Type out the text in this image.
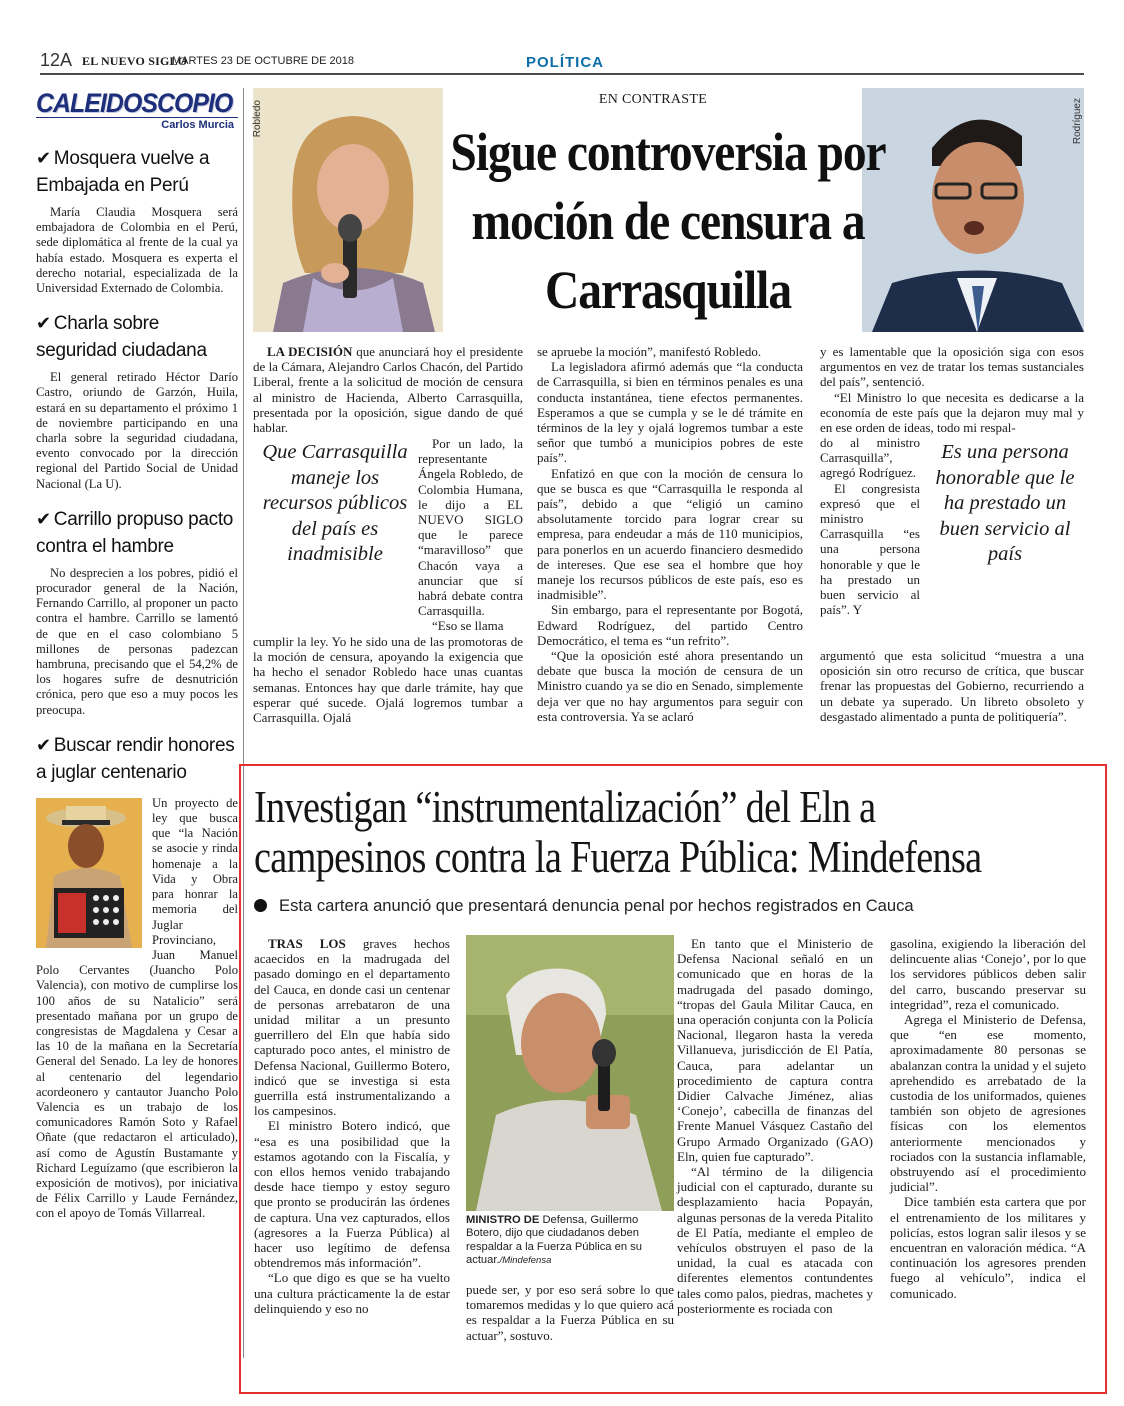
12A EL NUEVO SIGLO
MARTES 23 DE OCTUBRE DE 2018	POLÍTICA
CALEIDOSCOPIO
Carlos Murcia
✔ Mosquera vuelve a Embajada en Perú

María Claudia Mosquera será embajadora de Colombia en el Perú, sede diplomática al frente de la cual ya había estado. Mosquera es experta el derecho notarial, especializada de la Universidad Externado de Colombia.

✔ Charla sobre seguridad ciudadana

El general retirado Héctor Darío Castro, oriundo de Garzón, Huila, estará en su departamento el próximo 1 de noviembre participando en una charla sobre la seguridad ciudadana, evento convocado por la dirección regional del Partido Social de Unidad Nacional (La U).

✔ Carrillo propuso pacto contra el hambre

No desprecien a los pobres, pidió el procurador general de la Nación, Fernando Carrillo, al proponer un pacto contra el hambre. Carrillo se lamentó de que en el caso colombiano 5 millones de personas padezcan hambruna, precisando que el 54,2% de los hogares sufre de desnutrición crónica, pero que eso a muy pocos les preocupa.

✔ Buscar rendir honores a juglar centenario

Un proyecto de ley que busca que “la Nación se asocie y rinda homenaje a la Vida y Obra para honrar la memoria del Juglar Provinciano, Juan Manuel Polo Cervantes (Juancho Polo Valencia), con motivo de cumplirse los 100 años de su Natalicio” será presentado mañana por un grupo de congresistas de Magdalena y Cesar a las 10 de la mañana en la Secretaría General del Senado. La ley de honores al centenario del legendario acordeonero y cantautor Juancho Polo Valencia es un trabajo de los comunicadores Ramón Soto y Rafael Oñate (que redactaron el articulado), así como de Agustín Bustamante y Richard Leguízamo (que escribieron la exposición de motivos), por iniciativa de Félix Carrillo y Laude Fernández, con el apoyo de Tomás Villarreal.

Robledo	Rodríguez
EN CONTRASTE
Sigue controversia por moción de censura a Carrasquilla

LA DECISIÓN que anunciará hoy el presidente de la Cámara, Alejandro Carlos Chacón, del Partido Liberal, frente a la solicitud de moción de censura al ministro de Hacienda, Alberto Carrasquilla, presentada por la oposición, sigue dando de qué hablar.

Que Carrasquilla maneje los recursos públicos del país es inadmisible

Por un lado, la representante Ángela Robledo, de Colombia Humana, le dijo a EL NUEVO SIGLO que le parece “maravilloso” que Chacón vaya a anunciar que sí habrá debate contra Carrasquilla.

“Eso se llama

cumplir la ley. Yo he sido una de las promotoras de la moción de censura, apoyando la exigencia que ha hecho el senador Robledo hace unas cuantas semanas. Entonces hay que darle trámite, hay que esperar qué sucede. Ojalá logremos tumbar a Carrasquilla. Ojalá

se apruebe la moción”, manifestó Robledo.

La legisladora afirmó además que “la conducta de Carrasquilla, si bien en términos penales es una conducta instantánea, tiene efectos permanentes. Esperamos a que se cumpla y se le dé trámite en términos de la ley y ojalá logremos tumbar a este señor que tumbó a municipios pobres de este país”.

Enfatizó en que con la moción de censura lo que se busca es que “Carrasquilla le responda al país”, debido a que “eligió un camino absolutamente torcido para lograr crear su empresa, para endeudar a más de 110 municipios, para ponerlos en un acuerdo financiero desmedido de intereses. Que ese sea el hombre que hoy maneje los recursos públicos de este país, eso es inadmisible”.

Sin embargo, para el representante por Bogotá, Edward Rodríguez, del partido Centro Democrático, el tema es “un refrito”.

“Que la oposición esté ahora presentando un debate que busca la moción de censura de un Ministro cuando ya se dio en Senado, simplemente deja ver que no hay argumentos para seguir con esta controversia. Ya se aclaró

y es lamentable que la oposición siga con esos argumentos en vez de tratar los temas sustanciales del país”, sentenció.

“El Ministro lo que necesita es dedicarse a la economía de este país que la dejaron muy mal y en ese orden de ideas, todo mi respal-

do al ministro Carrasquilla”, agregó Rodríguez.

El congresista expresó que el ministro Carrasquilla “es una persona honorable y que le ha prestado un buen servicio al país”. Y

Es una persona honorable que le ha prestado un buen servicio al país

argumentó que esta solicitud “muestra a una oposición sin otro recurso de crítica, que buscar frenar las propuestas del Gobierno, recurriendo a un debate ya superado. Un libreto obsoleto y desgastado alimentado a punta de politiquería”.

Investigan “instrumentalización” del Eln a
campesinos contra la Fuerza Pública: Mindefensa
Esta cartera anunció que presentará denuncia penal por hechos registrados en Cauca

TRAS LOS graves hechos acaecidos en la madrugada del pasado domingo en el departamento del Cauca, en donde casi un centenar de personas arrebataron de una unidad militar a un presunto guerrillero del Eln que había sido capturado poco antes, el ministro de Defensa Nacional, Guillermo Botero, indicó que se investiga si esta guerrilla está instrumentalizando a los campesinos.

El ministro Botero indicó, que “esa es una posibilidad que la estamos agotando con la Fiscalía, y con ellos hemos venido trabajando desde hace tiempo y estoy seguro que pronto se producirán las órdenes de captura. Una vez capturados, ellos (agresores a la Fuerza Pública) al hacer uso legítimo de defensa obtendremos más información”.

“Lo que digo es que se ha vuelto una cultura prácticamente la de estar delinquiendo y eso no

MINISTRO DE Defensa, Guillermo Botero, dijo que ciudadanos deben respaldar a la Fuerza Pública en su actuar./Mindefensa

puede ser, y por eso será sobre lo que tomaremos medidas y lo que quiero acá es respaldar a la Fuerza Pública en su actuar”, sostuvo.

En tanto que el Ministerio de Defensa Nacional señaló en un comunicado que en horas de la madrugada del pasado domingo, “tropas del Gaula Militar Cauca, en una operación conjunta con la Policía Nacional, llegaron hasta la vereda Villanueva, jurisdicción de El Patía, Cauca, para adelantar un procedimiento de captura contra Didier Calvache Jiménez, alias ‘Conejo’, cabecilla de finanzas del Frente Manuel Vásquez Castaño del Grupo Armado Organizado (GAO) Eln, quien fue capturado”.

“Al término de la diligencia judicial con el capturado, durante su desplazamiento hacia Popayán, algunas personas de la vereda Pitalito de El Patía, mediante el empleo de vehículos obstruyen el paso de la unidad, la cual es atacada con diferentes elementos contundentes tales como palos, piedras, machetes y posteriormente es rociada con

gasolina, exigiendo la liberación del delincuente alias ‘Conejo’, por lo que los servidores públicos deben salir del carro, buscando preservar su integridad”, reza el comunicado.

Agrega el Ministerio de Defensa, que “en ese momento, aproximadamente 80 personas se abalanzan contra la unidad y el sujeto aprehendido es arrebatado de la custodia de los uniformados, quienes también son objeto de agresiones físicas con los elementos anteriormente mencionados y rociados con la sustancia inflamable, obstruyendo así el procedimiento judicial”.

Dice también esta cartera que por el entrenamiento de los militares y policías, estos logran salir ilesos y se encuentran en valoración médica. “A continuación los agresores prenden fuego al vehículo”, indica el comunicado.
